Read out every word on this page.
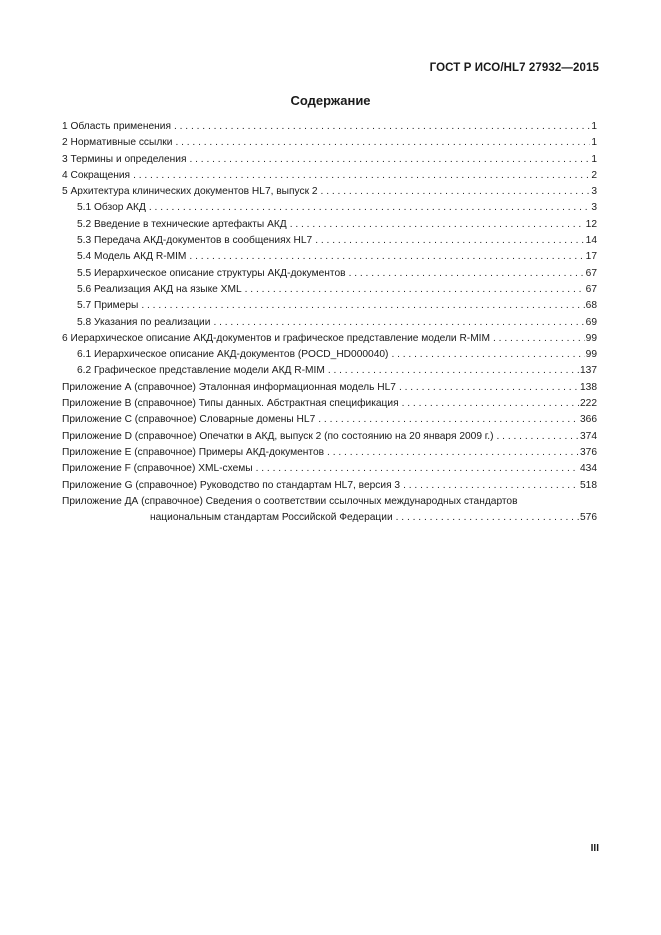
ГОСТ Р ИСО/HL7 27932—2015
Содержание
1 Область применения . . .	1
2 Нормативные ссылки . . .	1
3 Термины и определения . . .	1
4 Сокращения . . .	2
5 Архитектура клинических документов HL7, выпуск 2 . . .	3
5.1 Обзор АКД . . .	3
5.2 Введение в технические артефакты АКД . . .	12
5.3 Передача АКД-документов в сообщениях HL7 . . .	14
5.4 Модель АКД R-MIM . . .	17
5.5 Иерархическое описание структуры АКД-документов . . .	67
5.6 Реализация АКД на языке XML . . .	67
5.7 Примеры . . .	68
5.8 Указания по реализации . . .	69
6 Иерархическое описание АКД-документов и графическое представление модели R-MIM . . .	99
6.1 Иерархическое описание АКД-документов (POCD_HD000040) . . .	99
6.2 Графическое представление модели АКД R-MIM . . .	137
Приложение А (справочное) Эталонная информационная модель HL7 . . .	138
Приложение В (справочное) Типы данных. Абстрактная спецификация . . .	222
Приложение С (справочное) Словарные домены HL7 . . .	366
Приложение D (справочное) Опечатки в АКД, выпуск 2 (по состоянию на 20 января 2009 г.) . . .	374
Приложение Е (справочное) Примеры АКД-документов . . .	376
Приложение F (справочное) XML-схемы . . .	434
Приложение G (справочное) Руководство по стандартам HL7, версия 3 . . .	518
Приложение ДА (справочное) Сведения о соответствии ссылочных международных стандартов
национальным стандартам Российской Федерации . . .	576
III
